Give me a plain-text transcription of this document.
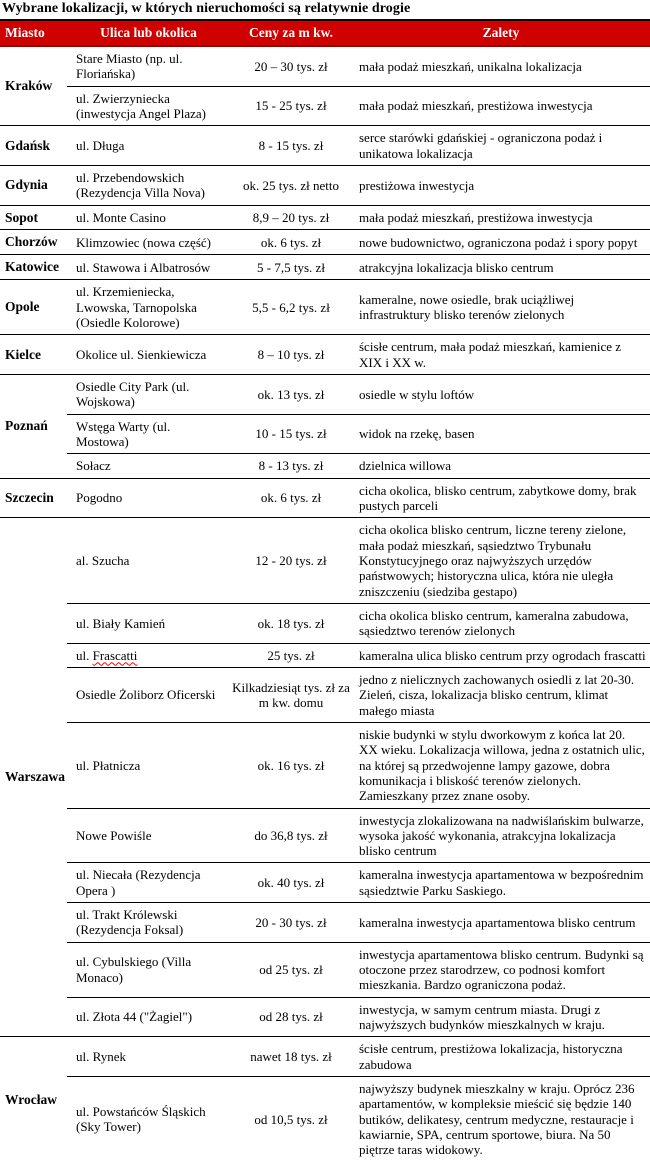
Wybrane lokalizacji, w których nieruchomości są relatywnie drogie
Miasto	Ulica lub okolica	Ceny za m kw.	Zalety
Kraków	Stare Miasto (np. ul. Floriańska)	20 – 30 tys. zł	mała podaż mieszkań, unikalna lokalizacja
	ul. Zwierzyniecka (inwestycja Angel Plaza)	15 - 25 tys. zł	mała podaż mieszkań, prestiżowa inwestycja
Gdańsk	ul. Długa	8 - 15 tys. zł	serce starówki gdańskiej - ograniczona podaż i unikatowa lokalizacja
Gdynia	ul. Przebendowskich (Rezydencja Villa Nova)	ok. 25 tys. zł netto	prestiżowa inwestycja
Sopot	ul. Monte Casino	8,9 – 20 tys. zł	mała podaż mieszkań, prestiżowa inwestycja
Chorzów	Klimzowiec (nowa część)	ok. 6 tys. zł	nowe budownictwo, ograniczona podaż i spory popyt
Katowice	ul. Stawowa i Albatrosów	5 - 7,5 tys. zł	atrakcyjna lokalizacja blisko centrum
Opole	ul. Krzemieniecka, Lwowska, Tarnopolska (Osiedle Kolorowe)	5,5 - 6,2 tys. zł	kameralne, nowe osiedle, brak uciążliwej infrastruktury blisko terenów zielonych
Kielce	Okolice ul. Sienkiewicza	8 – 10 tys. zł	ścisłe centrum, mała podaż mieszkań, kamienice z XIX i XX w.
Poznań	Osiedle City Park (ul. Wojskowa)	ok. 13 tys. zł	osiedle w stylu loftów
	Wstęga Warty (ul. Mostowa)	10 - 15 tys. zł	widok na rzekę, basen
	Sołacz	8 - 13 tys. zł	dzielnica willowa
Szczecin	Pogodno	ok. 6 tys. zł	cicha okolica, blisko centrum, zabytkowe domy, brak pustych parceli
Warszawa	al. Szucha	12 - 20 tys. zł	cicha okolica blisko centrum, liczne tereny zielone, mała podaż mieszkań, sąsiedztwo Trybunału Konstytucyjnego oraz najwyższych urzędów państwowych; historyczna ulica, która nie uległa zniszczeniu (siedziba gestapo)
	ul. Biały Kamień	ok. 18 tys. zł	cicha okolica blisko centrum, kameralna zabudowa, sąsiedztwo terenów zielonych
	ul. Frascatti	25 tys. zł	kameralna ulica blisko centrum przy ogrodach frascatti
	Osiedle Żoliborz Oficerski	Kilkadziesiąt tys. zł za m kw. domu	jedno z nielicznych zachowanych osiedli z lat 20-30. Zieleń, cisza, lokalizacja blisko centrum, klimat małego miasta
	ul. Płatnicza	ok. 16 tys. zł	niskie budynki w stylu dworkowym z końca lat 20. XX wieku. Lokalizacja willowa, jedna z ostatnich ulic, na której są przedwojenne lampy gazowe, dobra komunikacja i bliskość terenów zielonych. Zamieszkany przez znane osoby.
	Nowe Powiśle	do 36,8 tys. zł	inwestycja zlokalizowana na nadwiślańskim bulwarze, wysoka jakość wykonania, atrakcyjna lokalizacja blisko centrum
	ul. Niecała (Rezydencja Opera )	ok. 40 tys. zł	kameralna inwestycja apartamentowa w bezpośrednim sąsiedztwie Parku Saskiego.
	ul. Trakt Królewski (Rezydencja Foksal)	20 - 30 tys. zł	kameralna inwestycja apartamentowa blisko centrum
	ul. Cybulskiego (Villa Monaco)	od 25 tys. zł	inwestycja apartamentowa blisko centrum. Budynki są otoczone przez starodrzew, co podnosi komfort mieszkania. Bardzo ograniczona podaż.
	ul. Złota 44 ("Żagiel")	od 28 tys. zł	inwestycja, w samym centrum miasta. Drugi z najwyższych budynków mieszkalnych w kraju.
Wrocław	ul. Rynek	nawet 18 tys. zł	ścisłe centrum, prestiżowa lokalizacja, historyczna zabudowa
	ul. Powstańców Śląskich (Sky Tower)	od 10,5 tys. zł	najwyższy budynek mieszkalny w kraju. Oprócz 236 apartamentów, w kompleksie mieścić się będzie 140 butików, delikatesy, centrum medyczne, restauracje i kawiarnie, SPA, centrum sportowe, biura. Na 50 piętrze taras widokowy.
